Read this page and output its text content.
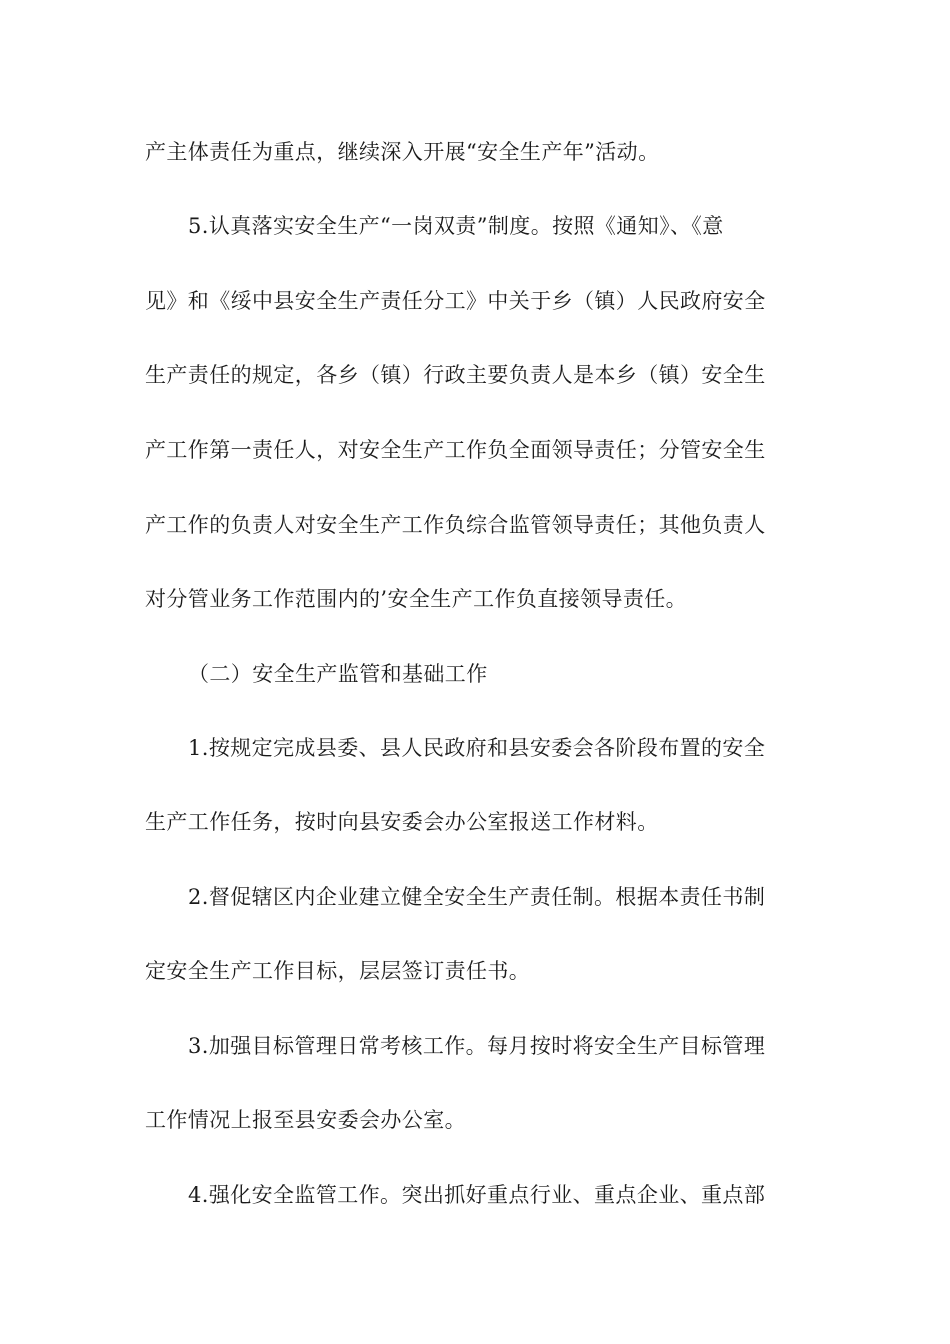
产主体责任为重点，继续深入开展“安全生产年”活动。
5.认真落实安全生产“一岗双责”制度。按照《通知》、《意
见》和《绥中县安全生产责任分工》中关于乡（镇）人民政府安全
生产责任的规定，各乡（镇）行政主要负责人是本乡（镇）安全生
产工作第一责任人，对安全生产工作负全面领导责任；分管安全生
产工作的负责人对安全生产工作负综合监管领导责任；其他负责人
对分管业务工作范围内的’安全生产工作负直接领导责任。
（二）安全生产监管和基础工作
1.按规定完成县委、县人民政府和县安委会各阶段布置的安全
生产工作任务，按时向县安委会办公室报送工作材料。
2.督促辖区内企业建立健全安全生产责任制。根据本责任书制
定安全生产工作目标，层层签订责任书。
3.加强目标管理日常考核工作。每月按时将安全生产目标管理
工作情况上报至县安委会办公室。
4.强化安全监管工作。突出抓好重点行业、重点企业、重点部
